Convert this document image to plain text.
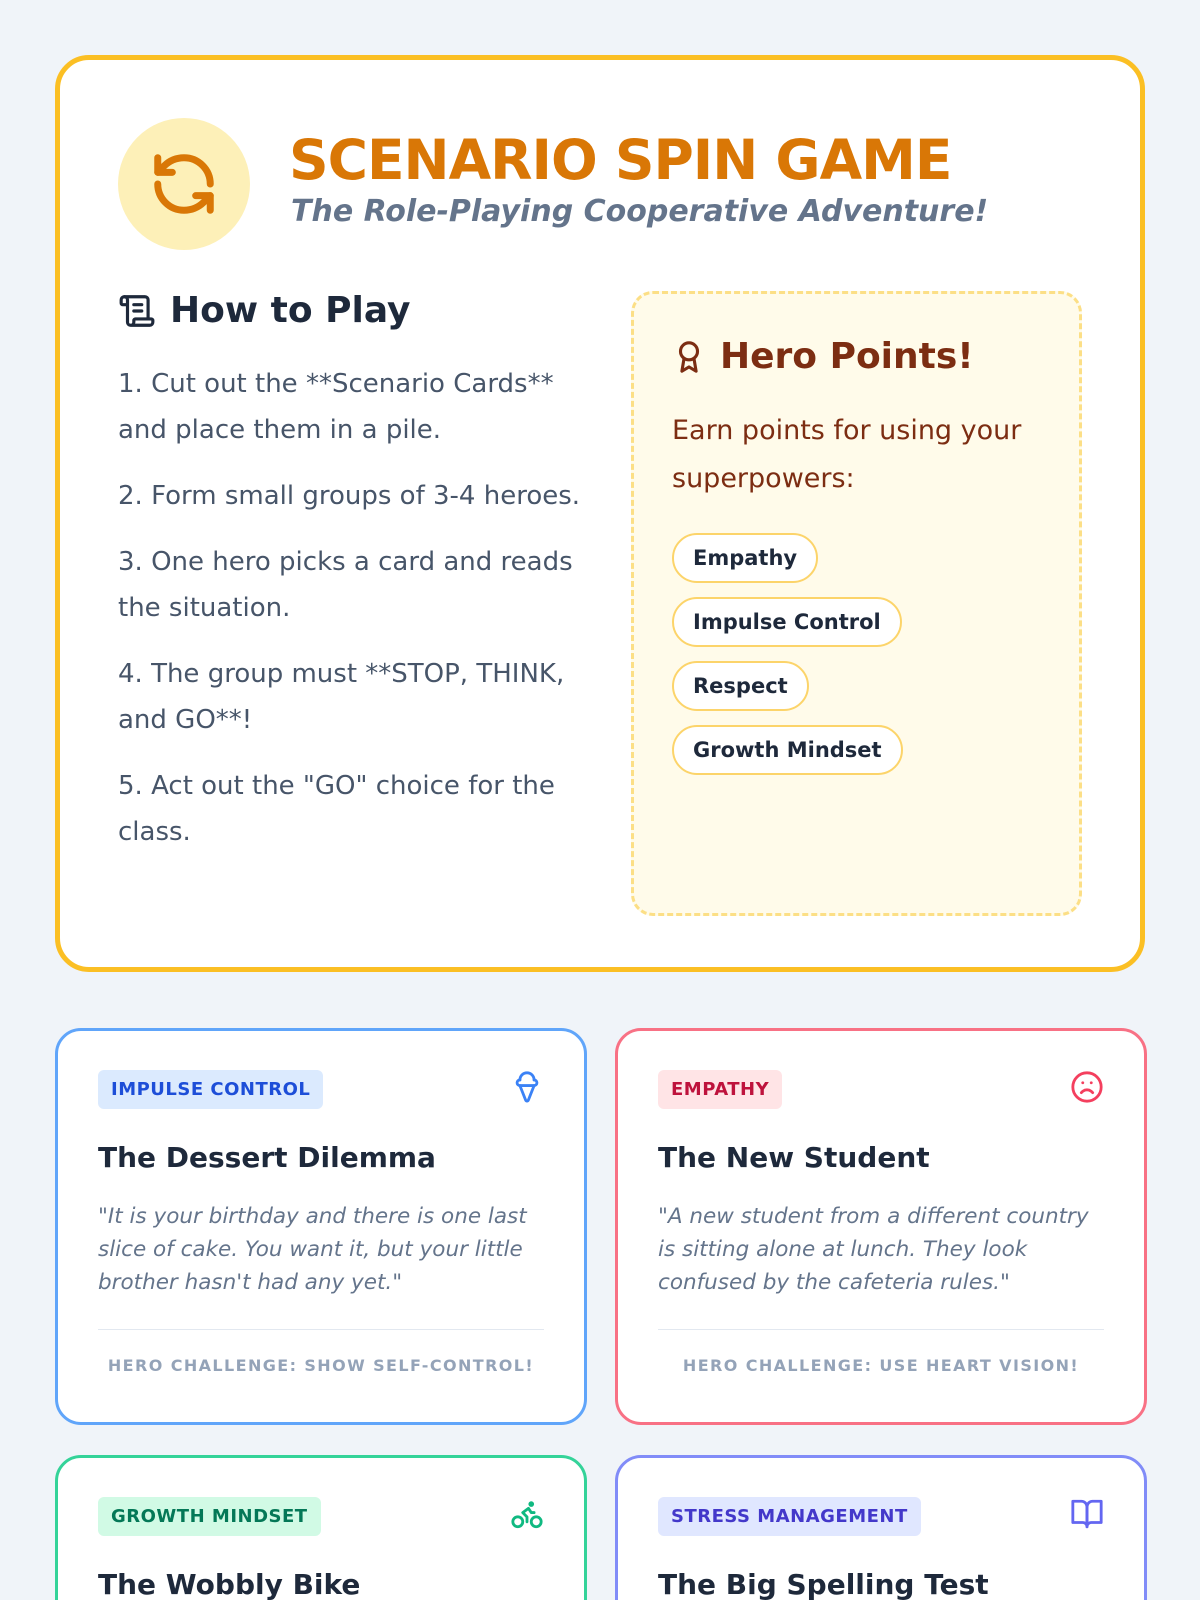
SCENARIO SPIN GAME
The Role-Playing Cooperative Adventure!
How to Play
1. Cut out the **Scenario Cards** and place them in a pile.
2. Form small groups of 3-4 heroes.
3. One hero picks a card and reads the situation.
4. The group must **STOP, THINK, and GO**!
5. Act out the "GO" choice for the class.
Hero Points!
Earn points for using your superpowers:
Empathy
Impulse Control
Respect
Growth Mindset
IMPULSE CONTROL
The Dessert Dilemma
"It is your birthday and there is one last slice of cake. You want it, but your little brother hasn't had any yet."
HERO CHALLENGE: SHOW SELF-CONTROL!
EMPATHY
The New Student
"A new student from a different country is sitting alone at lunch. They look confused by the cafeteria rules."
HERO CHALLENGE: USE HEART VISION!
GROWTH MINDSET
The Wobbly Bike
STRESS MANAGEMENT
The Big Spelling Test
